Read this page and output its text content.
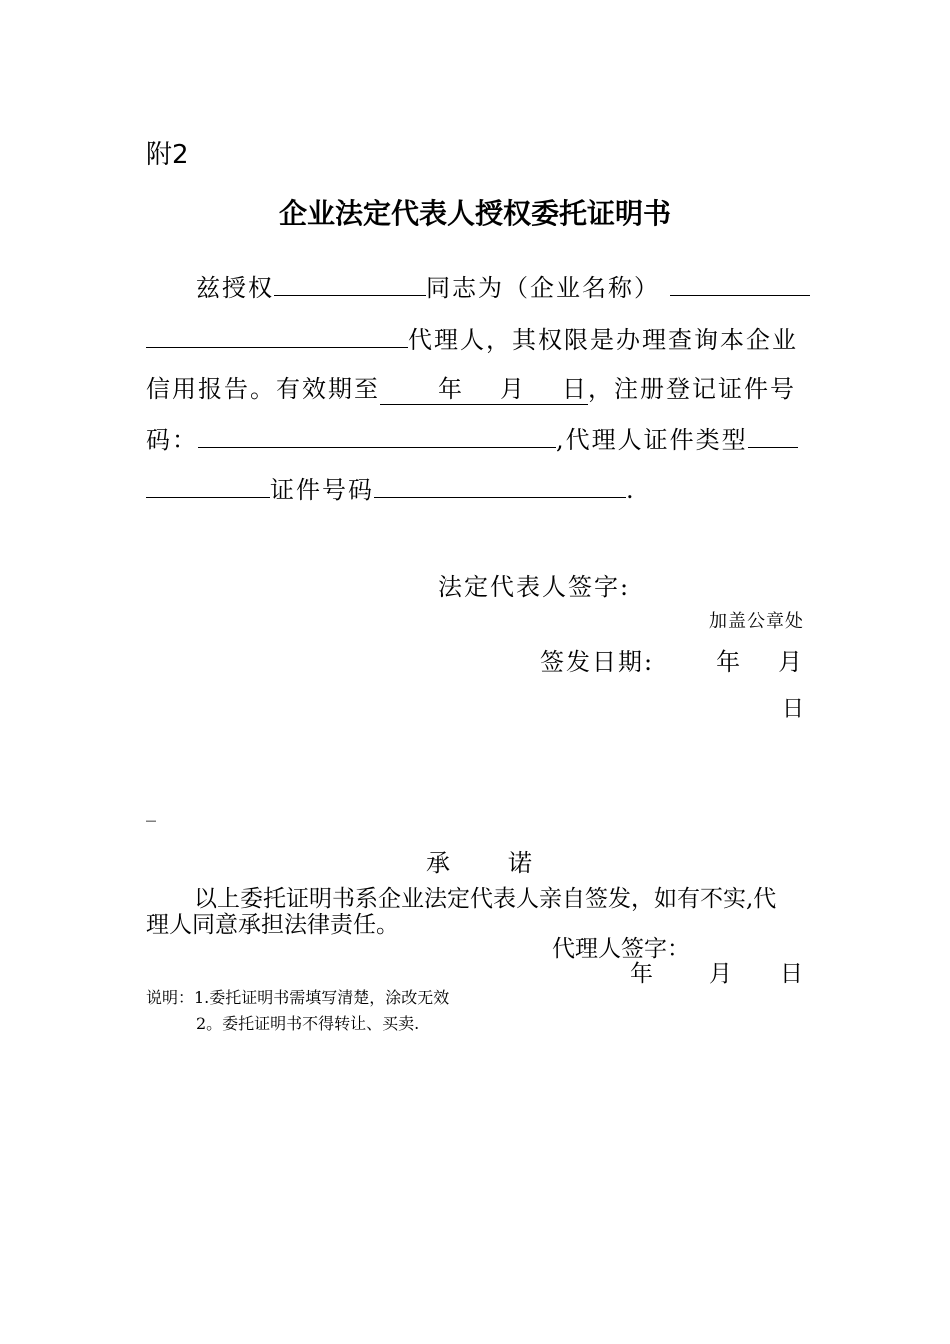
附2
企业法定代表人授权委托证明书
兹授权	同志为（企业名称）
代理人，其权限是办理查询本企业
信用报告。有效期至 年 月 日，注册登记证件号
码：	,代理人证件类型
证件号码	.
法定代表人签字:
加盖公章处
签发日期:	年 月
日
_
承 诺
以上委托证明书系企业法定代表人亲自签发，如有不实,代
理人同意承担法律责任。
代理人签字：
年 月 日
说明：1.委托证明书需填写清楚，涂改无效
2。委托证明书不得转让、买卖.
